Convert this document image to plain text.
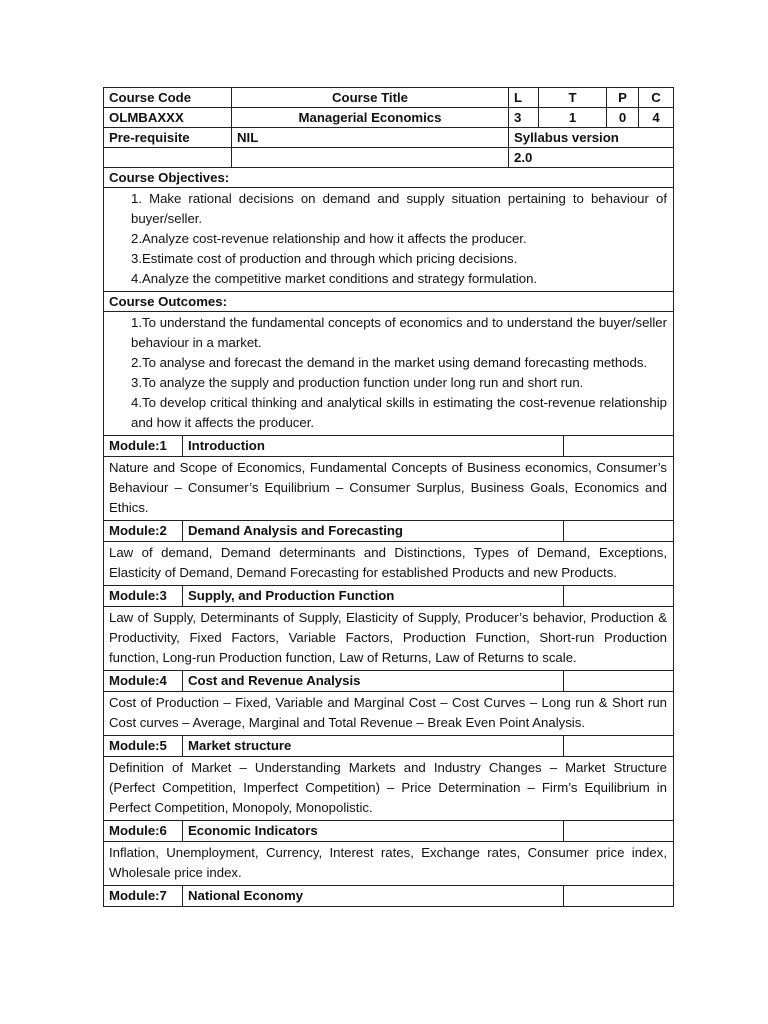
Course Code	Course Title	L	T	P	C
OLMBAXXX	Managerial Economics	3	1	0	4
Pre-requisite	NIL	Syllabus version
2.0
Course Objectives:
1. Make rational decisions on demand and supply situation pertaining to behaviour of buyer/seller.
2.Analyze cost-revenue relationship and how it affects the producer.
3.Estimate cost of production and through which pricing decisions.
4.Analyze the competitive market conditions and strategy formulation.
Course Outcomes:
1.To understand the fundamental concepts of economics and to understand the buyer/seller behaviour in a market.
2.To analyse and forecast the demand in the market using demand forecasting methods.
3.To analyze the supply and production function under long run and short run.
4.To develop critical thinking and analytical skills in estimating the cost-revenue relationship and how it affects the producer.
Module:1	Introduction
Nature and Scope of Economics, Fundamental Concepts of Business economics, Consumer’s Behaviour – Consumer’s Equilibrium – Consumer Surplus, Business Goals, Economics and Ethics.
Module:2	Demand Analysis and Forecasting
Law of demand, Demand determinants and Distinctions, Types of Demand, Exceptions, Elasticity of Demand, Demand Forecasting for established Products and new Products.
Module:3	Supply, and Production Function
Law of Supply, Determinants of Supply, Elasticity of Supply, Producer’s behavior, Production & Productivity, Fixed Factors, Variable Factors, Production Function, Short-run Production function, Long-run Production function, Law of Returns, Law of Returns to scale.
Module:4	Cost and Revenue Analysis
Cost of Production – Fixed, Variable and Marginal Cost – Cost Curves – Long run & Short run Cost curves – Average, Marginal and Total Revenue – Break Even Point Analysis.
Module:5	Market structure
Definition of Market – Understanding Markets and Industry Changes – Market Structure (Perfect Competition, Imperfect Competition) – Price Determination – Firm’s Equilibrium in Perfect Competition, Monopoly, Monopolistic.
Module:6	Economic Indicators
Inflation, Unemployment, Currency, Interest rates, Exchange rates, Consumer price index, Wholesale price index.
Module:7	National Economy
